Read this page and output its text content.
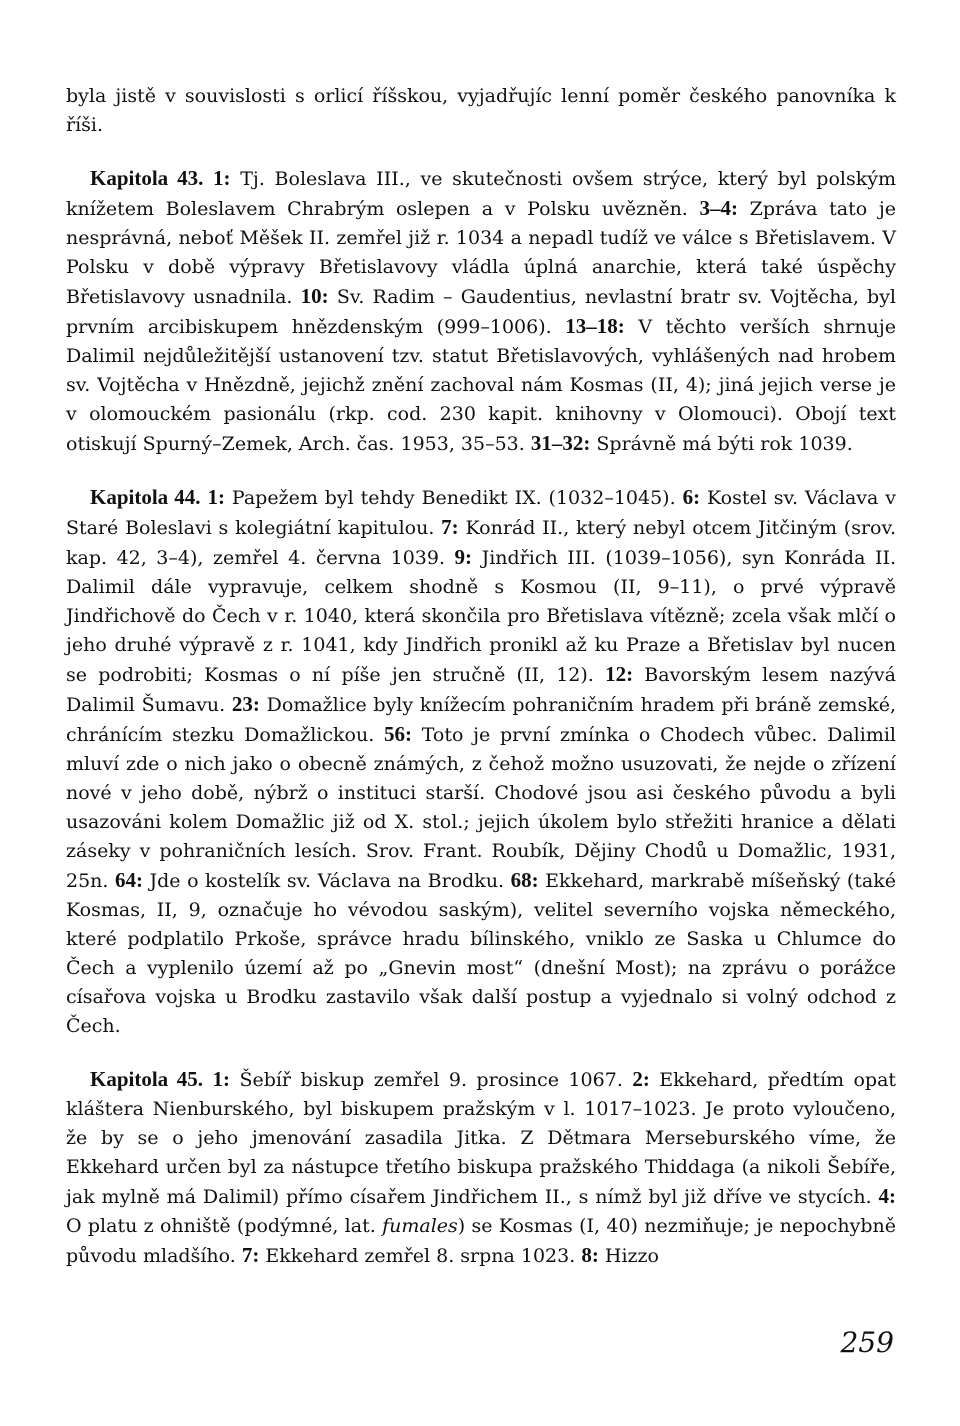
byla jistě v souvislosti s orlicí říšskou, vyjadřujíc lenní poměr českého panovníka k říši.

Kapitola 43. 1: Tj. Boleslava III., ve skutečnosti ovšem strýce, který byl polským knížetem Boleslavem Chrabrým oslepen a v Polsku uvězněn. 3–4: Zpráva tato je nesprávná, neboť Měšek II. zemřel již r. 1034 a nepadl tudíž ve válce s Břetislavem. V Polsku v době výpravy Břetislavovy vládla úplná anarchie, která také úspěchy Břetislavovy usnadnila. 10: Sv. Radim – Gaudentius, nevlastní bratr sv. Vojtěcha, byl prvním arcibiskupem hnězdenským (999–1006). 13–18: V těchto verších shrnuje Dalimil nejdůležitější ustanovení tzv. statut Břetislavových, vyhlášených nad hrobem sv. Vojtěcha v Hnězdně, jejichž znění zachoval nám Kosmas (II, 4); jiná jejich verse je v olomouckém pasionálu (rkp. cod. 230 kapit. knihovny v Olomouci). Obojí text otiskují Spurný–Zemek, Arch. čas. 1953, 35–53. 31–32: Správně má býti rok 1039.

Kapitola 44. 1: Papežem byl tehdy Benedikt IX. (1032–1045). 6: Kostel sv. Václava v Staré Boleslavi s kolegiátní kapitulou. 7: Konrád II., který nebyl otcem Jitčiným (srov. kap. 42, 3–4), zemřel 4. června 1039. 9: Jindřich III. (1039–1056), syn Konráda II. Dalimil dále vypravuje, celkem shodně s Kosmou (II, 9–11), o prvé výpravě Jindřichově do Čech v r. 1040, která skončila pro Břetislava vítězně; zcela však mlčí o jeho druhé výpravě z r. 1041, kdy Jindřich pronikl až ku Praze a Břetislav byl nucen se podrobiti; Kosmas o ní píše jen stručně (II, 12). 12: Bavorským lesem nazývá Dalimil Šumavu. 23: Domažlice byly knížecím pohraničním hradem při bráně zemské, chránícím stezku Domažlickou. 56: Toto je první zmínka o Chodech vůbec. Dalimil mluví zde o nich jako o obecně známých, z čehož možno usuzovati, že nejde o zřízení nové v jeho době, nýbrž o instituci starší. Chodové jsou asi českého původu a byli usazováni kolem Domažlic již od X. stol.; jejich úkolem bylo střežiti hranice a dělati záseky v pohraničních lesích. Srov. Frant. Roubík, Dějiny Chodů u Domažlic, 1931, 25n. 64: Jde o kostelík sv. Václava na Brodku. 68: Ekkehard, markrabě míšeňský (také Kosmas, II, 9, označuje ho vévodou saským), velitel severního vojska německého, které podplatilo Prkoše, správce hradu bílinského, vniklo ze Saska u Chlumce do Čech a vyplenilo území až po „Gnevin most“ (dnešní Most); na zprávu o porážce císařova vojska u Brodku zastavilo však další postup a vyjednalo si volný odchod z Čech.

Kapitola 45. 1: Šebíř biskup zemřel 9. prosince 1067. 2: Ekkehard, předtím opat kláštera Nienburského, byl biskupem pražským v l. 1017–1023. Je proto vyloučeno, že by se o jeho jmenování zasadila Jitka. Z Dětmara Merseburského víme, že Ekkehard určen byl za nástupce třetího biskupa pražského Thiddaga (a nikoli Šebíře, jak mylně má Dalimil) přímo císařem Jindřichem II., s nímž byl již dříve ve stycích. 4: O platu z ohniště (podýmné, lat. fumales) se Kosmas (I, 40) nezmiňuje; je nepochybně původu mladšího. 7: Ekkehard zemřel 8. srpna 1023. 8: Hizzo

259
